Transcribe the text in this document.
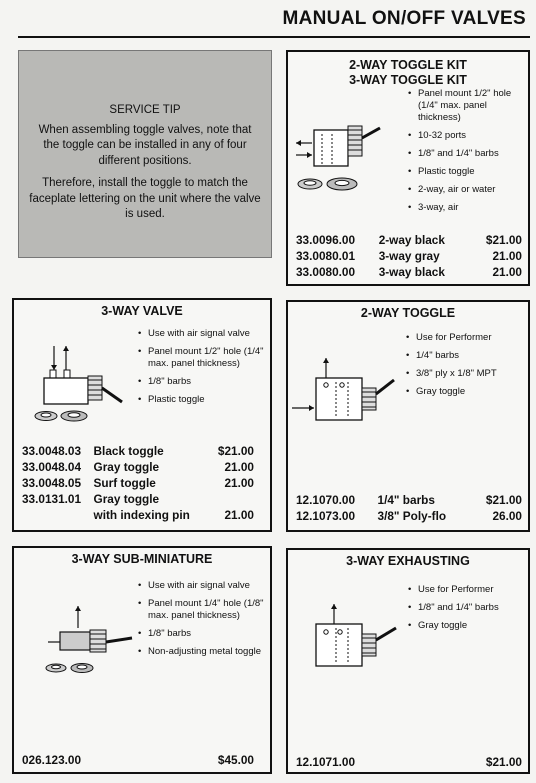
MANUAL ON/OFF VALVES
SERVICE TIP

When assembling toggle valves, note that the toggle can be installed in any of four different positions.

Therefore, install the toggle to match the faceplate lettering on the unit where the valve is used.

2-WAY TOGGLE KIT
3-WAY TOGGLE KIT
• Panel mount 1/2" hole (1/4" max. panel thickness)
• 10-32 ports
• 1/8" and 1/4" barbs
• Plastic toggle
• 2-way, air or water
• 3-way, air
33.0096.00	2-way black	$21.00
33.0080.01	3-way gray	21.00
33.0080.00	3-way black	21.00
3-WAY VALVE
• Use with air signal valve
• Panel mount 1/2" hole (1/4" max. panel thickness)
• 1/8" barbs
• Plastic toggle
33.0048.03	Black toggle	$21.00
33.0048.04	Gray toggle	21.00
33.0048.05	Surf toggle	21.00
33.0131.01	Gray toggle	
	with indexing pin	21.00
2-WAY TOGGLE
• Use for Performer
• 1/4" barbs
• 3/8" ply x 1/8" MPT
• Gray toggle
12.1070.00	1/4" barbs	$21.00
12.1073.00	3/8" Poly-flo	26.00
3-WAY SUB-MINIATURE
• Use with air signal valve
• Panel mount 1/4" hole (1/8" max. panel thickness)
• 1/8" barbs
• Non-adjusting metal toggle
026.123.00	$45.00
3-WAY EXHAUSTING
• Use for Performer
• 1/8" and 1/4" barbs
• Gray toggle
12.1071.00	$21.00
